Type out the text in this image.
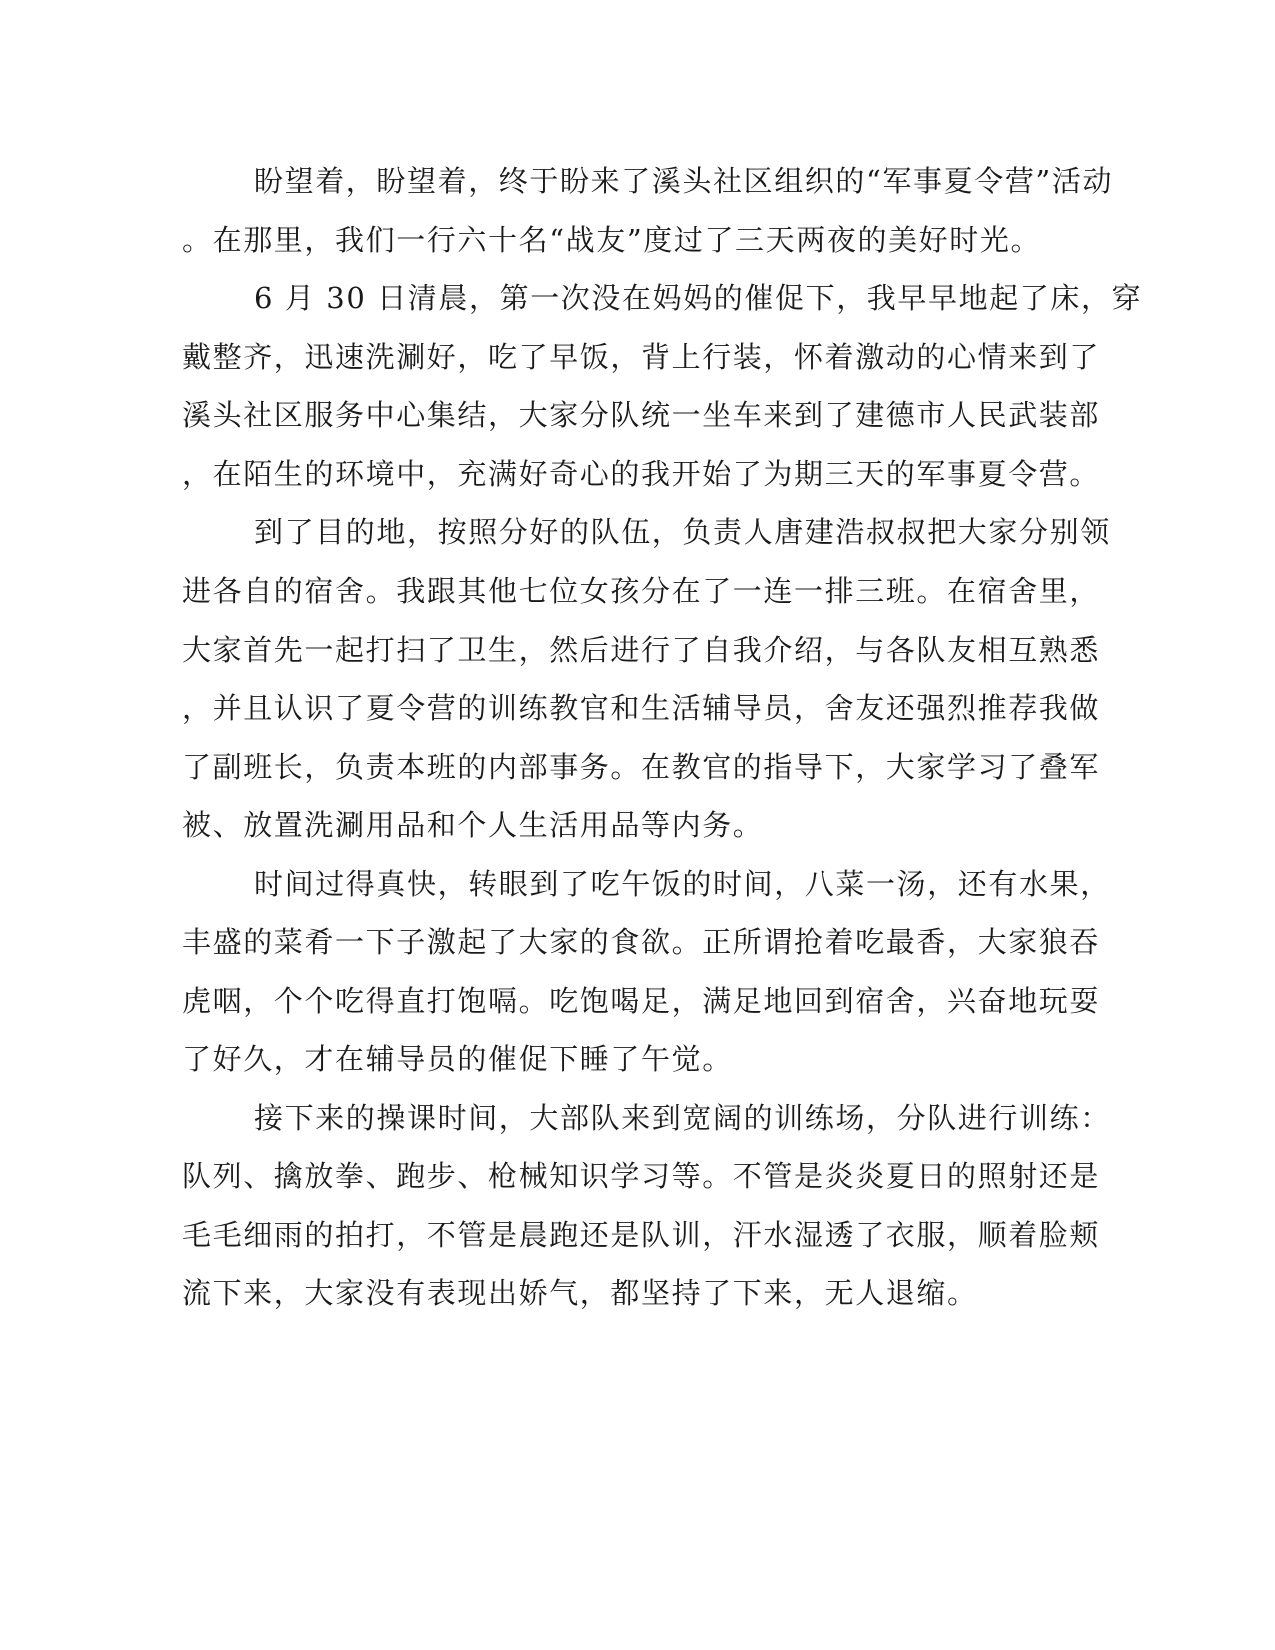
盼望着，盼望着，终于盼来了溪头社区组织的“军事夏令营”活动
。在那里，我们一行六十名“战友”度过了三天两夜的美好时光。
6 月 30 日清晨，第一次没在妈妈的催促下，我早早地起了床，穿
戴整齐，迅速洗涮好，吃了早饭，背上行装，怀着激动的心情来到了
溪头社区服务中心集结，大家分队统一坐车来到了建德市人民武装部
，在陌生的环境中，充满好奇心的我开始了为期三天的军事夏令营。
到了目的地，按照分好的队伍，负责人唐建浩叔叔把大家分别领
进各自的宿舍。我跟其他七位女孩分在了一连一排三班。在宿舍里，
大家首先一起打扫了卫生，然后进行了自我介绍，与各队友相互熟悉
，并且认识了夏令营的训练教官和生活辅导员，舍友还强烈推荐我做
了副班长，负责本班的内部事务。在教官的指导下，大家学习了叠军
被、放置洗涮用品和个人生活用品等内务。
时间过得真快，转眼到了吃午饭的时间，八菜一汤，还有水果，
丰盛的菜肴一下子激起了大家的食欲。正所谓抢着吃最香，大家狼吞
虎咽，个个吃得直打饱嗝。吃饱喝足，满足地回到宿舍，兴奋地玩耍
了好久，才在辅导员的催促下睡了午觉。
接下来的操课时间，大部队来到宽阔的训练场，分队进行训练：
队列、擒放拳、跑步、枪械知识学习等。不管是炎炎夏日的照射还是
毛毛细雨的拍打，不管是晨跑还是队训，汗水湿透了衣服，顺着脸颊
流下来，大家没有表现出娇气，都坚持了下来，无人退缩。
